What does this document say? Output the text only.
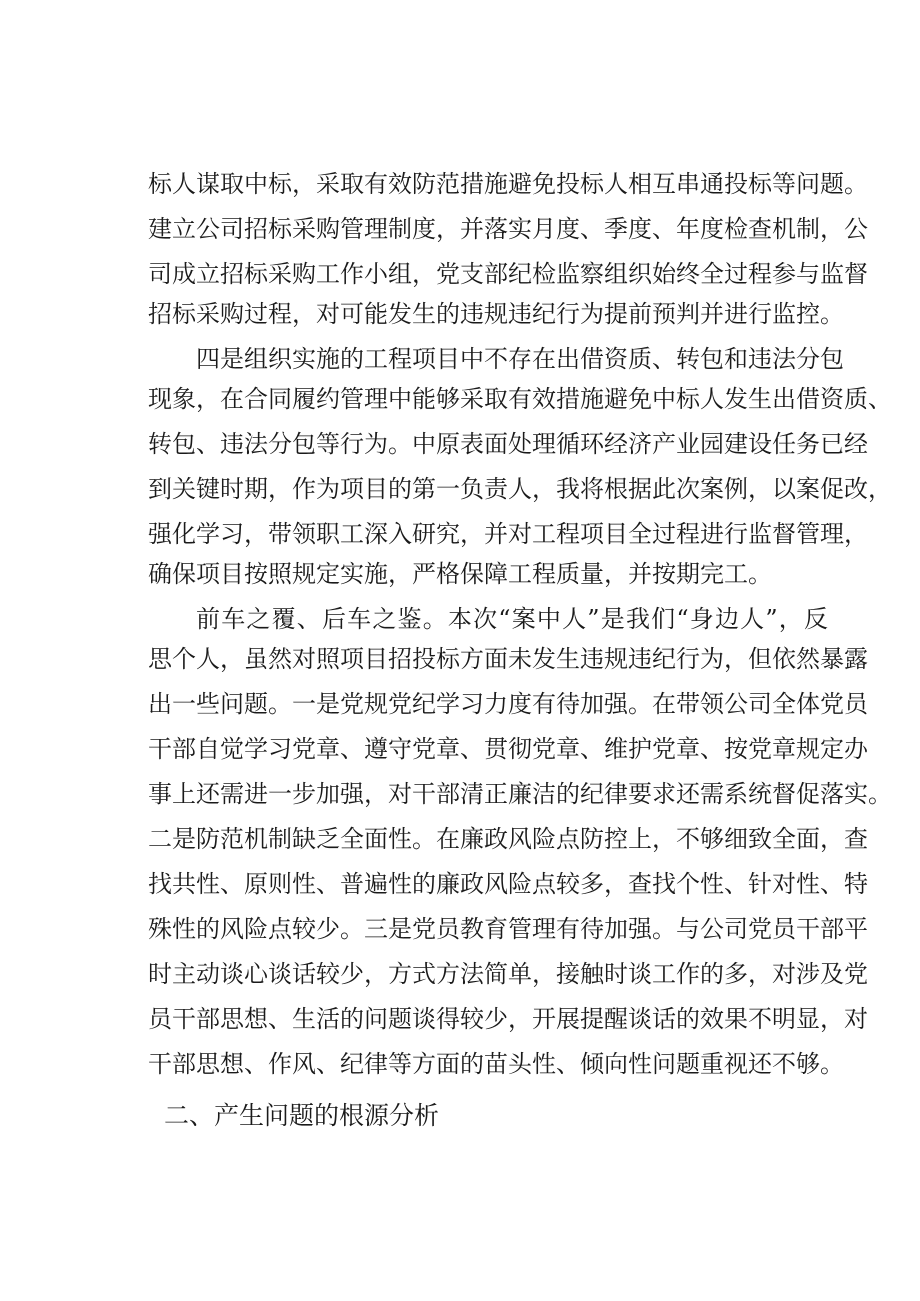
标人谋取中标，采取有效防范措施避免投标人相互串通投标等问题。
建立公司招标采购管理制度，并落实月度、季度、年度检查机制，公
司成立招标采购工作小组，党支部纪检监察组织始终全过程参与监督
招标采购过程，对可能发生的违规违纪行为提前预判并进行监控。
四是组织实施的工程项目中不存在出借资质、转包和违法分包
现象，在合同履约管理中能够采取有效措施避免中标人发生出借资质、
转包、违法分包等行为。中原表面处理循环经济产业园建设任务已经
到关键时期，作为项目的第一负责人，我将根据此次案例，以案促改，
强化学习，带领职工深入研究，并对工程项目全过程进行监督管理，
确保项目按照规定实施，严格保障工程质量，并按期完工。
前车之覆、后车之鉴。本次“案中人”是我们“身边人”，反
思个人，虽然对照项目招投标方面未发生违规违纪行为，但依然暴露
出一些问题。一是党规党纪学习力度有待加强。在带领公司全体党员
干部自觉学习党章、遵守党章、贯彻党章、维护党章、按党章规定办
事上还需进一步加强，对干部清正廉洁的纪律要求还需系统督促落实。
二是防范机制缺乏全面性。在廉政风险点防控上，不够细致全面，查
找共性、原则性、普遍性的廉政风险点较多，查找个性、针对性、特
殊性的风险点较少。三是党员教育管理有待加强。与公司党员干部平
时主动谈心谈话较少，方式方法简单，接触时谈工作的多，对涉及党
员干部思想、生活的问题谈得较少，开展提醒谈话的效果不明显，对
干部思想、作风、纪律等方面的苗头性、倾向性问题重视还不够。
二、产生问题的根源分析
